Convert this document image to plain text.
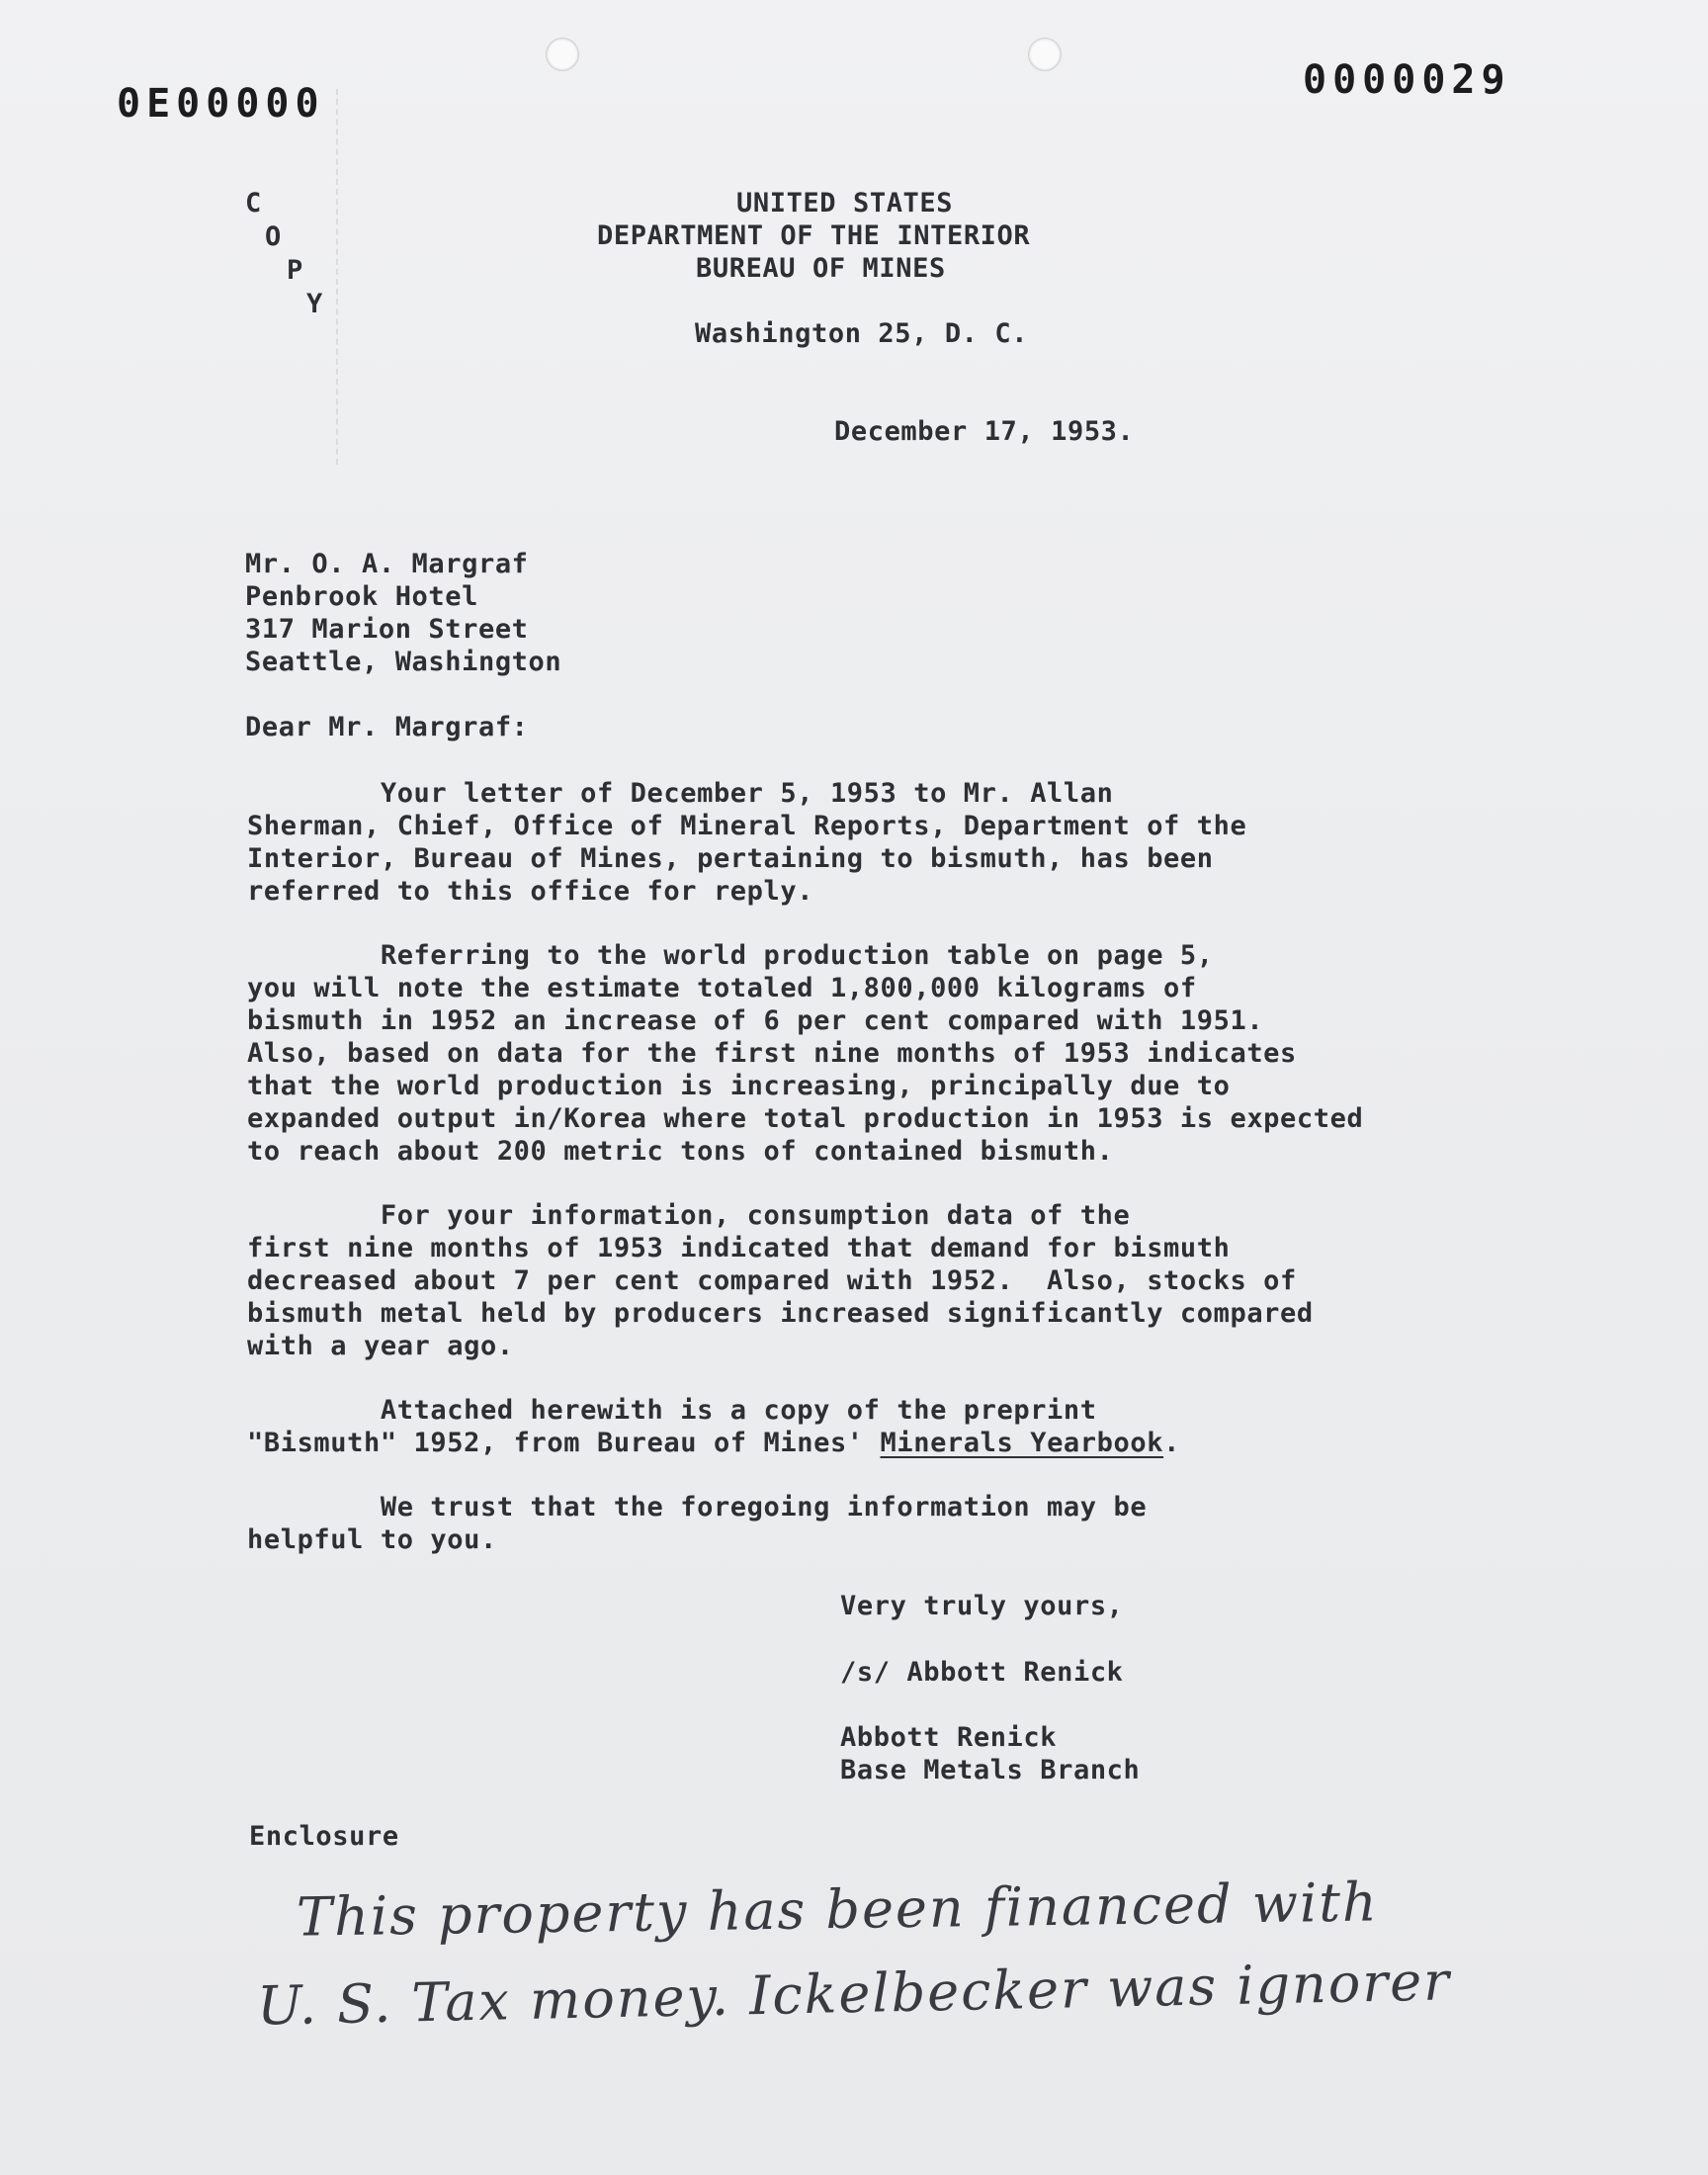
0E00000
0000029
C
O
P
Y
UNITED STATES
DEPARTMENT OF THE INTERIOR
BUREAU OF MINES
Washington 25, D. C.
December 17, 1953.
Mr. O. A. Margraf
Penbrook Hotel
317 Marion Street
Seattle, Washington
Dear Mr. Margraf:
Your letter of December 5, 1953 to Mr. Allan
Sherman, Chief, Office of Mineral Reports, Department of the
Interior, Bureau of Mines, pertaining to bismuth, has been
referred to this office for reply.
Referring to the world production table on page 5,
you will note the estimate totaled 1,800,000 kilograms of
bismuth in 1952 an increase of 6 per cent compared with 1951.
Also, based on data for the first nine months of 1953 indicates
that the world production is increasing, principally due to
expanded output in/Korea where total production in 1953 is expected
to reach about 200 metric tons of contained bismuth.
For your information, consumption data of the
first nine months of 1953 indicated that demand for bismuth
decreased about 7 per cent compared with 1952.  Also, stocks of
bismuth metal held by producers increased significantly compared
with a year ago.
Attached herewith is a copy of the preprint
"Bismuth" 1952, from Bureau of Mines' Minerals Yearbook.
We trust that the foregoing information may be
helpful to you.
Very truly yours,
/s/ Abbott Renick
Abbott Renick
Base Metals Branch
Enclosure
This property has been financed with
U. S. Tax money. Ickelbecker was ignorer
